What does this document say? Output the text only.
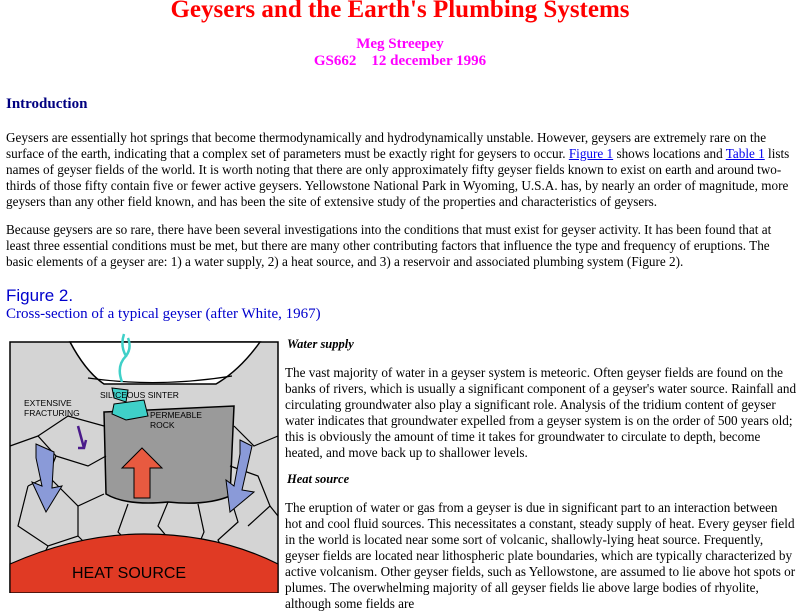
Geysers and the Earth's Plumbing Systems
Meg Streepey
GS662    12 december 1996
Introduction

Geysers are essentially hot springs that become thermodynamically and hydrodynamically unstable. However, geysers are extremely rare on the surface of the earth, indicating that a complex set of parameters must be exactly right for geysers to occur. Figure 1 shows locations and Table 1 lists names of geyser fields of the world. It is worth noting that there are only approximately fifty geyser fields known to exist on earth and around two-thirds of those fifty contain five or fewer active geysers. Yellowstone National Park in Wyoming, U.S.A. has, by nearly an order of magnitude, more geysers than any other field known, and has been the site of extensive study of the properties and characteristics of geysers.

Because geysers are so rare, there have been several investigations into the conditions that must exist for geyser activity. It has been found that at least three essential conditions must be met, but there are many other contributing factors that influence the type and frequency of eruptions. The basic elements of a geyser are: 1) a water supply, 2) a heat source, and 3) a reservoir and associated plumbing system (Figure 2).

Figure 2.
Cross-section of a typical geyser (after White, 1967)
SILICEOUS SINTER
EXTENSIVE
FRACTURING	PERMEABLE
ROCK
HEAT SOURCE
Water supply

The vast majority of water in a geyser system is meteoric. Often geyser fields are found on the banks of rivers, which is usually a significant component of a geyser's water source. Rainfall and circulating groundwater also play a significant role. Analysis of the tridium content of geyser water indicates that groundwater expelled from a geyser system is on the order of 500 years old; this is obviously the amount of time it takes for groundwater to circulate to depth, become heated, and move back up to shallower levels.

Heat source

The eruption of water or gas from a geyser is due in significant part to an interaction between hot and cool fluid sources. This necessitates a constant, steady supply of heat. Every geyser field in the world is located near some sort of volcanic, shallowly-lying heat source. Frequently, geyser fields are located near lithospheric plate boundaries, which are typically characterized by active volcanism. Other geyser fields, such as Yellowstone, are assumed to lie above hot spots or plumes. The overwhelming majority of all geyser fields lie above large bodies of rhyolite, although some fields are
